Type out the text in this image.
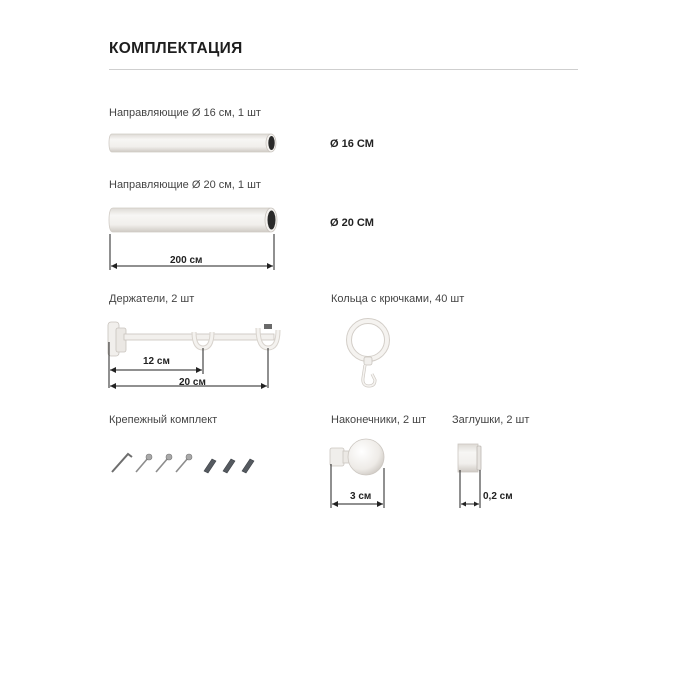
КОМПЛЕКТАЦИЯ
Направляющие Ø 16 см, 1 шт
Ø 16 СМ
Направляющие Ø 20 см, 1 шт
Ø 20 СМ
200 см
Держатели, 2 шт
12 см
20 см
Кольца с крючками, 40 шт
Крепежный комплект	Наконечники, 2 шт
3 см
Заглушки, 2 шт
0,2 см
